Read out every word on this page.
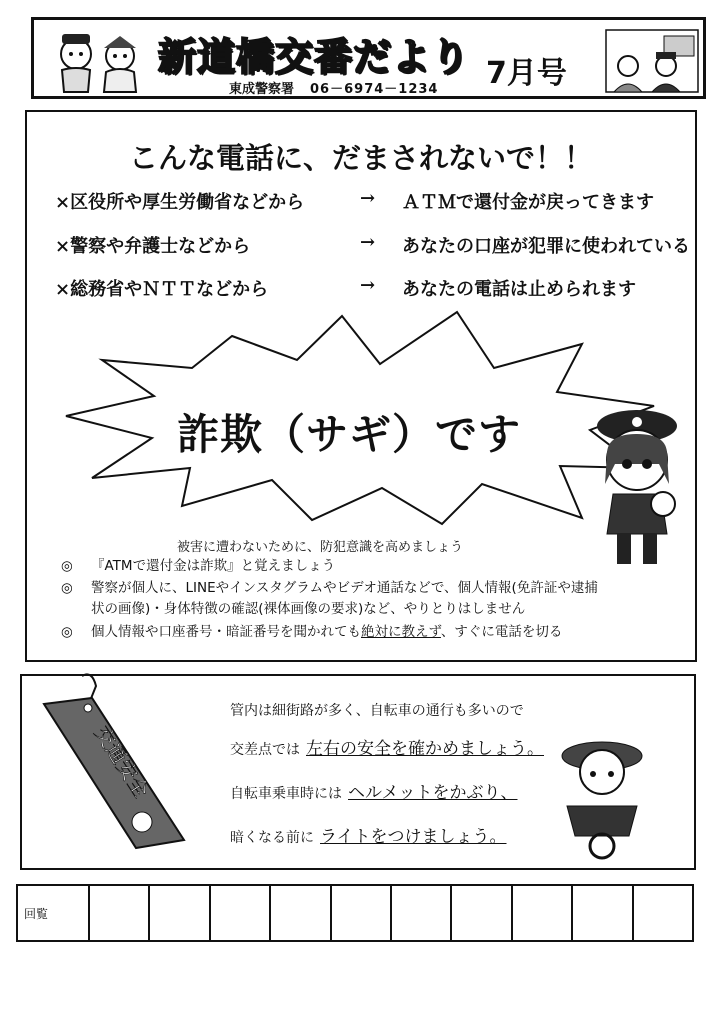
新道橋交番だより 7月号
東成警察署 06－6974－1234
こんな電話に、だまされないで！！
×区役所や厚生労働省などから	→ ＡＴＭで還付金が戻ってきます
×警察や弁護士などから	→ あなたの口座が犯罪に使われている
×総務省やＮＴＴなどから	→ あなたの電話は止められます
詐欺（サギ）です
被害に遭わないために、防犯意識を高めましょう
◎	『ATMで還付金は詐欺』と覚えましょう
◎	警察が個人に、LINEやインスタグラムやビデオ通話などで、個人情報(免許証や逮捕状の画像)・身体特徴の確認(裸体画像の要求)など、やりとりはしません
◎	個人情報や口座番号・暗証番号を聞かれても絶対に教えず、すぐに電話を切る
交通安全
管内は細街路が多く、自転車の通行も多いので
交差点では 左右の安全を確かめましょう。
自転車乗車時には ヘルメットをかぶり、
暗くなる前に ライトをつけましょう。
回覧
